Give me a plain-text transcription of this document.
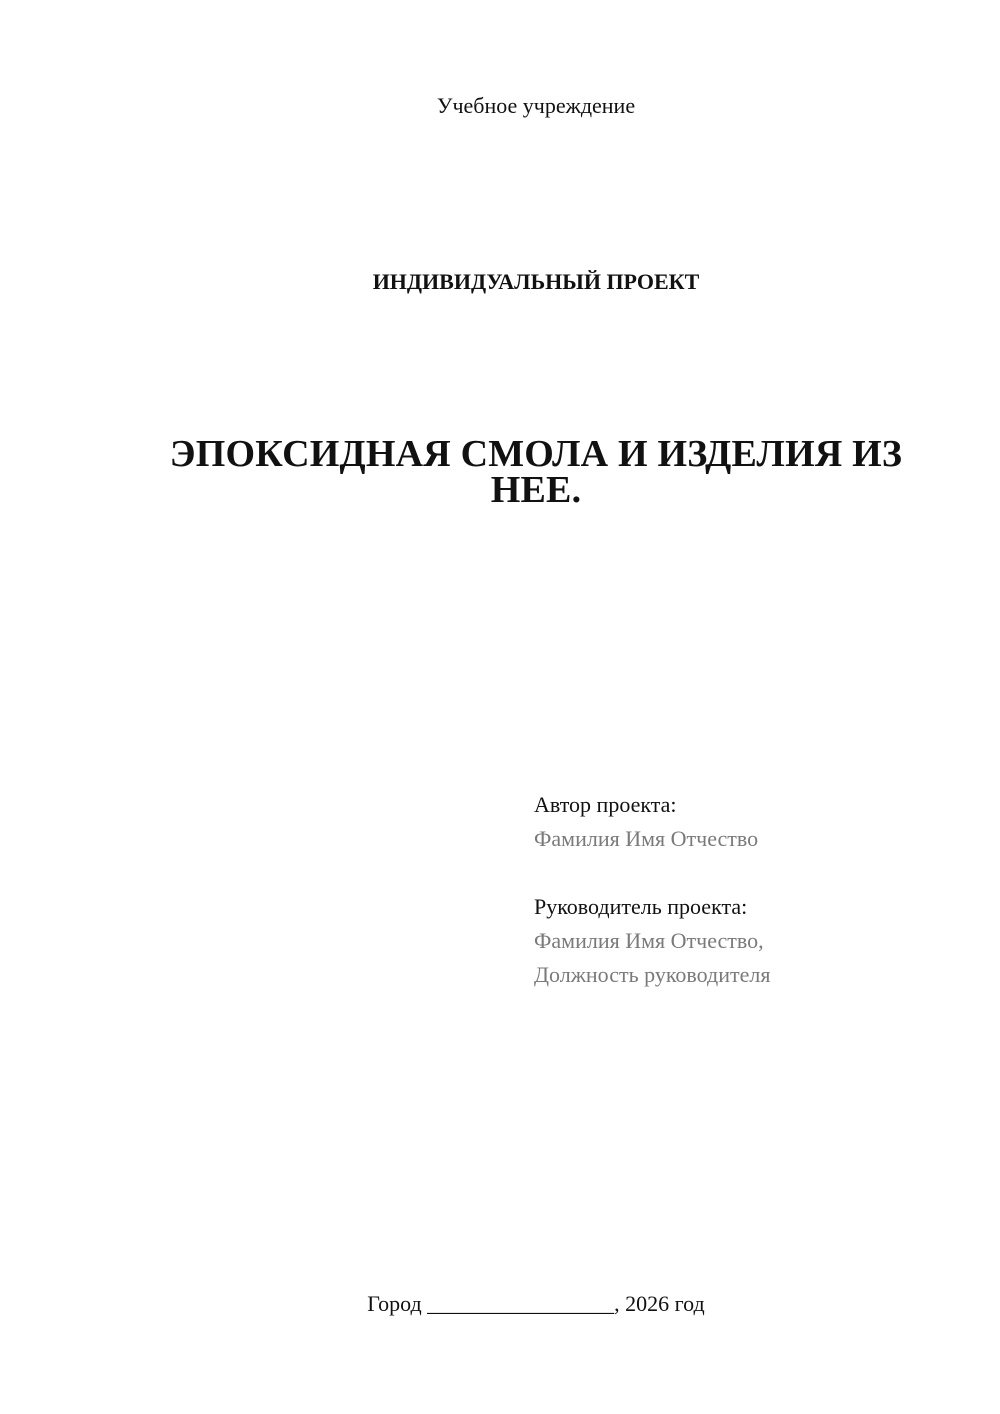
Учебное учреждение
ИНДИВИДУАЛЬНЫЙ ПРОЕКТ
ЭПОКСИДНАЯ СМОЛА И ИЗДЕЛИЯ ИЗ
НЕЕ.
Автор проекта:
Фамилия Имя Отчество
Руководитель проекта:
Фамилия Имя Отчество,
Должность руководителя
Город _________________, 2026 год
